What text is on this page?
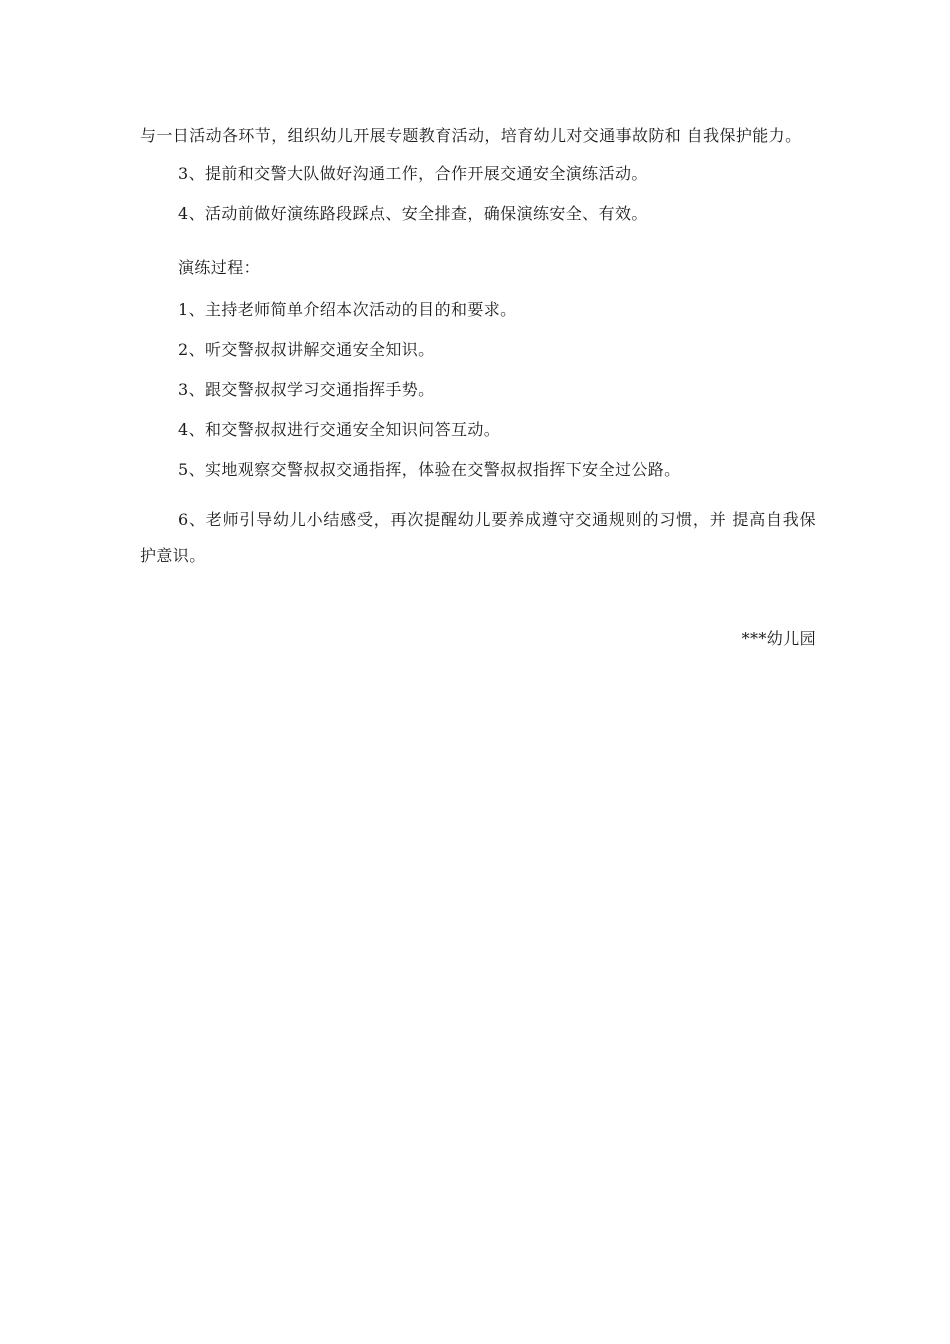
与一日活动各环节，组织幼儿开展专题教育活动，培育幼儿对交通事故防和 自我保护能力。

3、提前和交警大队做好沟通工作，合作开展交通安全演练活动。
4、活动前做好演练路段踩点、安全排查，确保演练安全、有效。

演练过程：

1、主持老师简单介绍本次活动的目的和要求。
2、听交警叔叔讲解交通安全知识。
3、跟交警叔叔学习交通指挥手势。
4、和交警叔叔进行交通安全知识问答互动。
5、实地观察交警叔叔交通指挥，体验在交警叔叔指挥下安全过公路。

6、老师引导幼儿小结感受，再次提醒幼儿要养成遵守交通规则的习惯，并 提高自我保护意识。

***幼儿园
